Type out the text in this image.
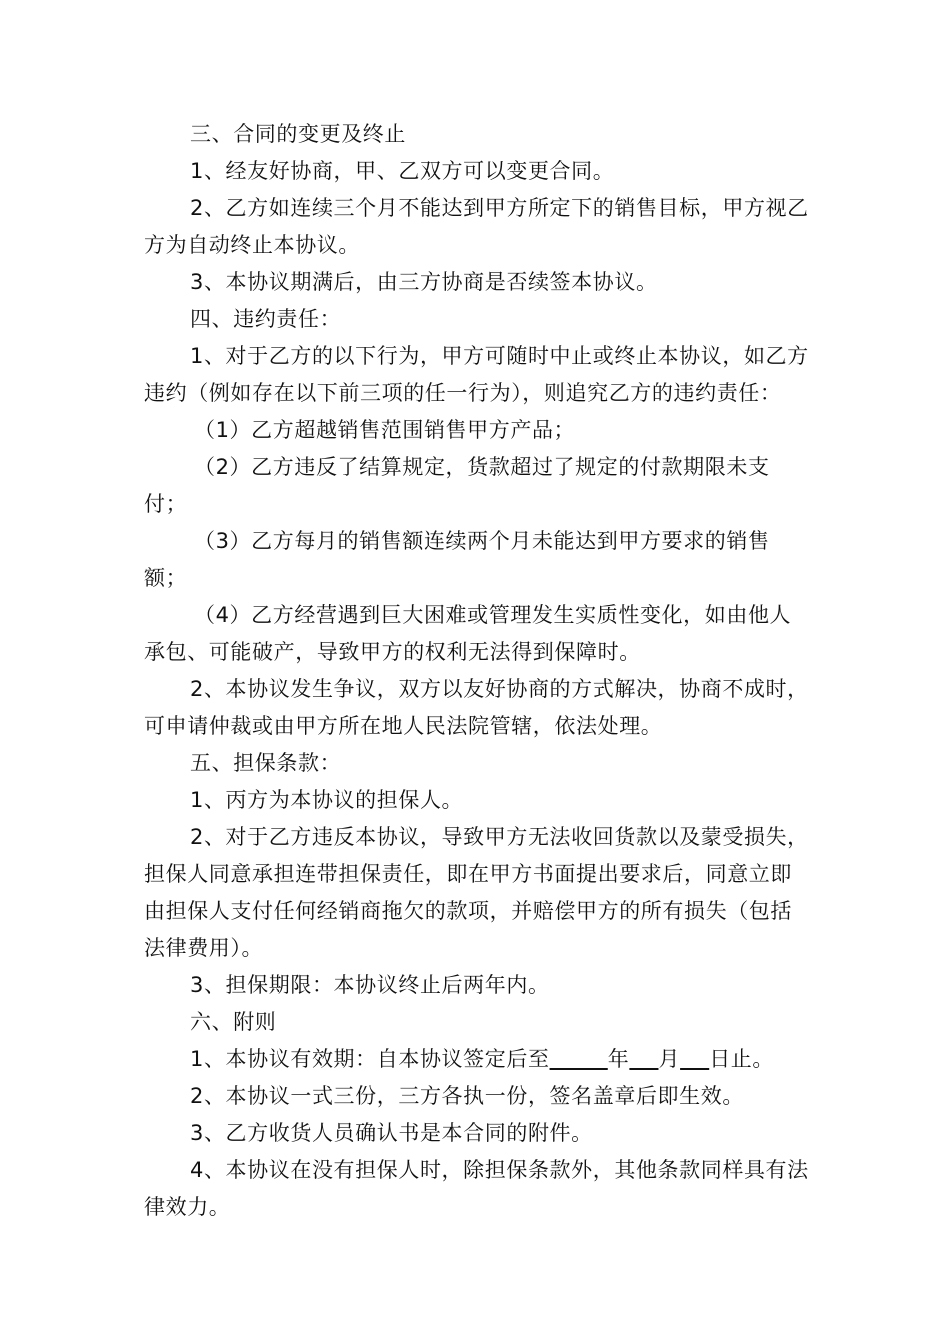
三、合同的变更及终止

1、经友好协商，甲、乙双方可以变更合同。

2、乙方如连续三个月不能达到甲方所定下的销售目标，甲方视乙方为自动终止本协议。

3、本协议期满后，由三方协商是否续签本协议。

四、违约责任：

1、对于乙方的以下行为，甲方可随时中止或终止本协议，如乙方违约（例如存在以下前三项的任一行为），则追究乙方的违约责任：

（1）乙方超越销售范围销售甲方产品；

（2）乙方违反了结算规定，货款超过了规定的付款期限未支付；

（3）乙方每月的销售额连续两个月未能达到甲方要求的销售额；

（4）乙方经营遇到巨大困难或管理发生实质性变化，如由他人承包、可能破产，导致甲方的权利无法得到保障时。

2、本协议发生争议，双方以友好协商的方式解决，协商不成时，可申请仲裁或由甲方所在地人民法院管辖，依法处理。

五、担保条款：

1、丙方为本协议的担保人。

2、对于乙方违反本协议，导致甲方无法收回货款以及蒙受损失，担保人同意承担连带担保责任，即在甲方书面提出要求后，同意立即由担保人支付任何经销商拖欠的款项，并赔偿甲方的所有损失（包括法律费用）。

3、担保期限：本协议终止后两年内。

六、附则

1、本协议有效期：自本协议签定后至	年 月 日止。

2、本协议一式三份，三方各执一份，签名盖章后即生效。

3、乙方收货人员确认书是本合同的附件。

4、本协议在没有担保人时，除担保条款外，其他条款同样具有法律效力。
